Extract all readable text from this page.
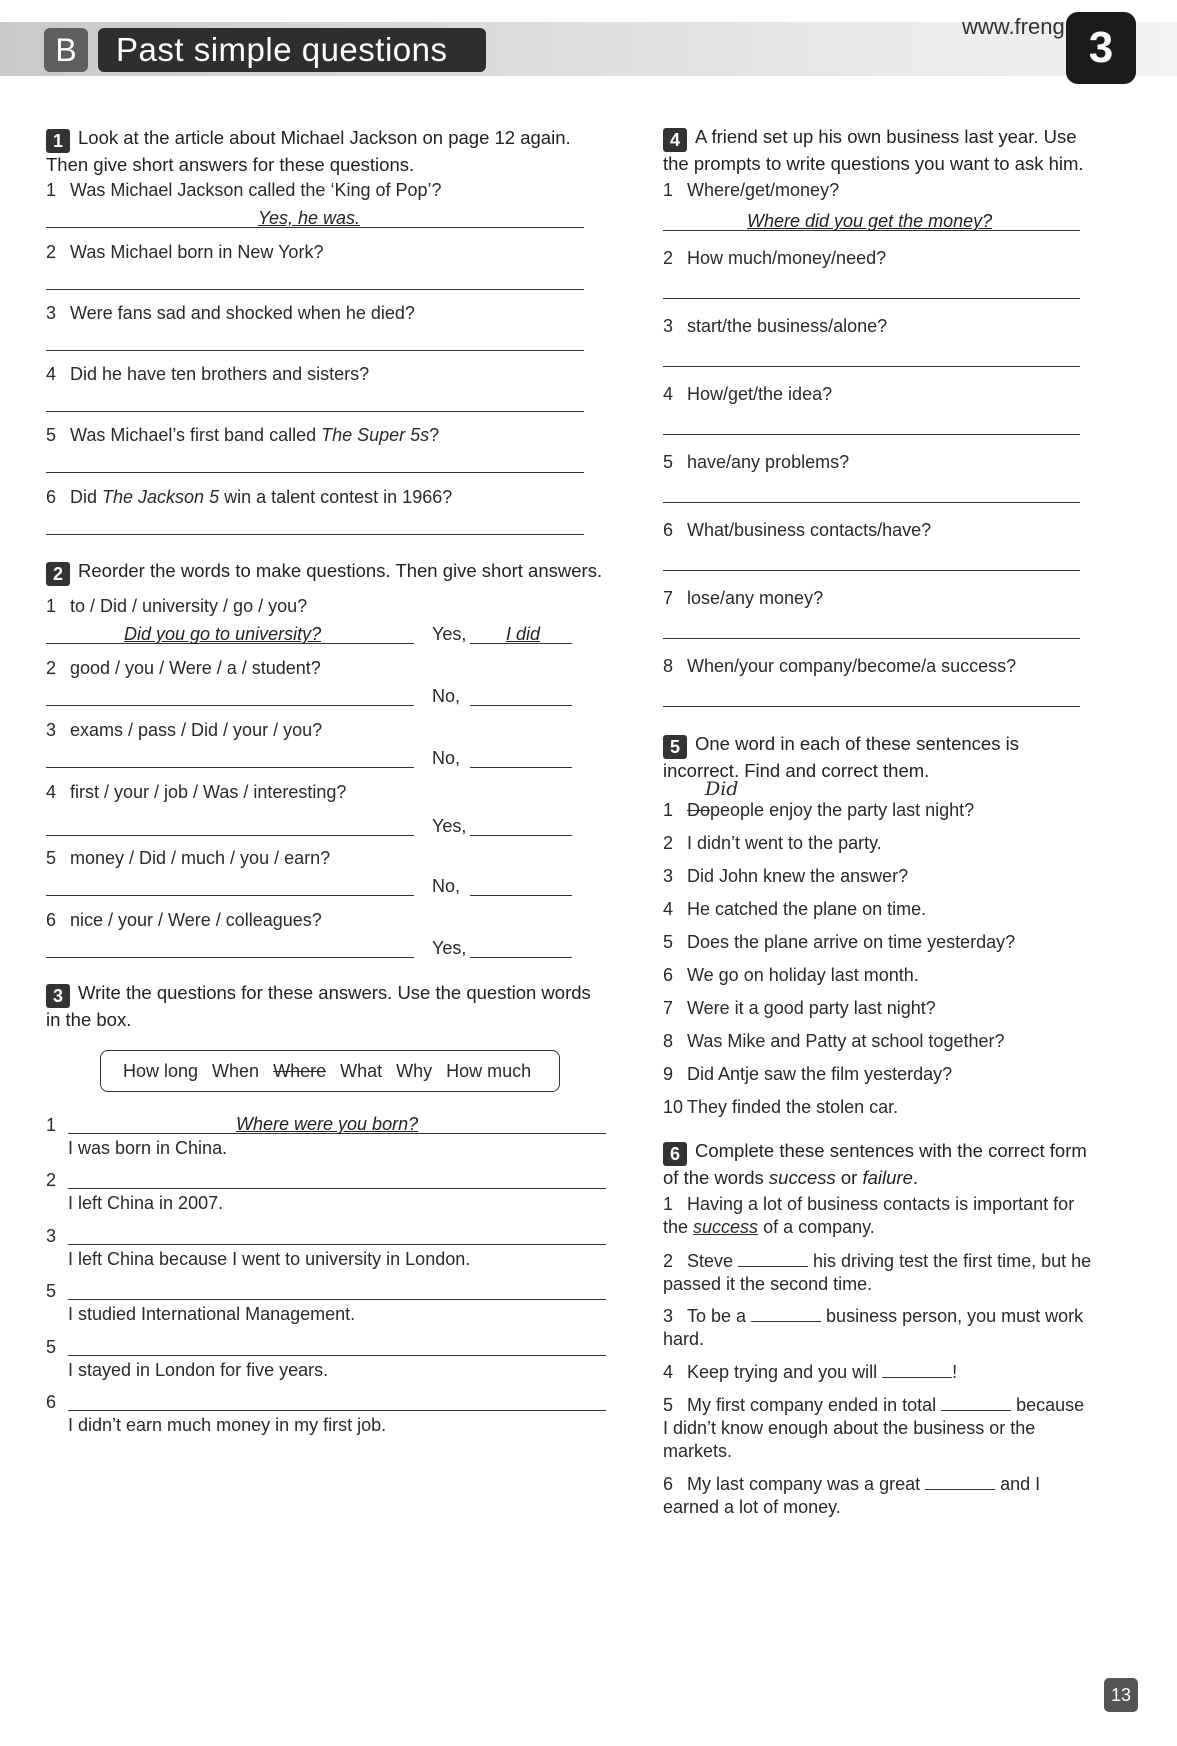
B	Past simple questions
www.freng 3
1 Look at the article about Michael Jackson on page 12 again. Then give short answers for these questions.
1 Was Michael Jackson called the ‘King of Pop’?
Yes, he was.
2 Was Michael born in New York?
3 Were fans sad and shocked when he died?
4 Did he have ten brothers and sisters?
5 Was Michael’s first band called The Super 5s?
6 Did The Jackson 5 win a talent contest in 1966?
2 Reorder the words to make questions. Then give short answers.
1 to / Did / university / go / you?
Did you go to university?	Yes, I did
2 good / you / Were / a / student?
No,
3 exams / pass / Did / your / you?
No,
4 first / your / job / Was / interesting?
Yes,
5 money / Did / much / you / earn?
No,
6 nice / your / Were / colleagues?
Yes,
3 Write the questions for these answers. Use the question words in the box.
How long When Where What Why How much
1	Where were you born?
I was born in China.
2
I left China in 2007.
3
I left China because I went to university in London.
5
I studied International Management.
5
I stayed in London for five years.
6
I didn’t earn much money in my first job.
4 A friend set up his own business last year. Use the prompts to write questions you want to ask him.
1 Where/get/money?
Where did you get the money?
2 How much/money/need?
3 start/the business/alone?
4 How/get/the idea?
5 have/any problems?
6 What/business contacts/have?
7 lose/any money?
8 When/your company/become/a success?
5 One word in each of these sentences is incorrect. Find and correct them.
Did
1 Dopeople enjoy the party last night?
2 I didn’t went to the party.
3 Did John knew the answer?
4 He catched the plane on time.
5 Does the plane arrive on time yesterday?
6 We go on holiday last month.
7 Were it a good party last night?
8 Was Mike and Patty at school together?
9 Did Antje saw the film yesterday?
10 They finded the stolen car.
6 Complete these sentences with the correct form of the words success or failure.
1 Having a lot of business contacts is important for the success of a company.
2 Steve	his driving test the first time, but he passed it the second time.
3 To be a	business person, you must work hard.
4 Keep trying and you will	!
5 My first company ended in total	because I didn’t know enough about the business or the markets.
6 My last company was a great	and I earned a lot of money.
13
